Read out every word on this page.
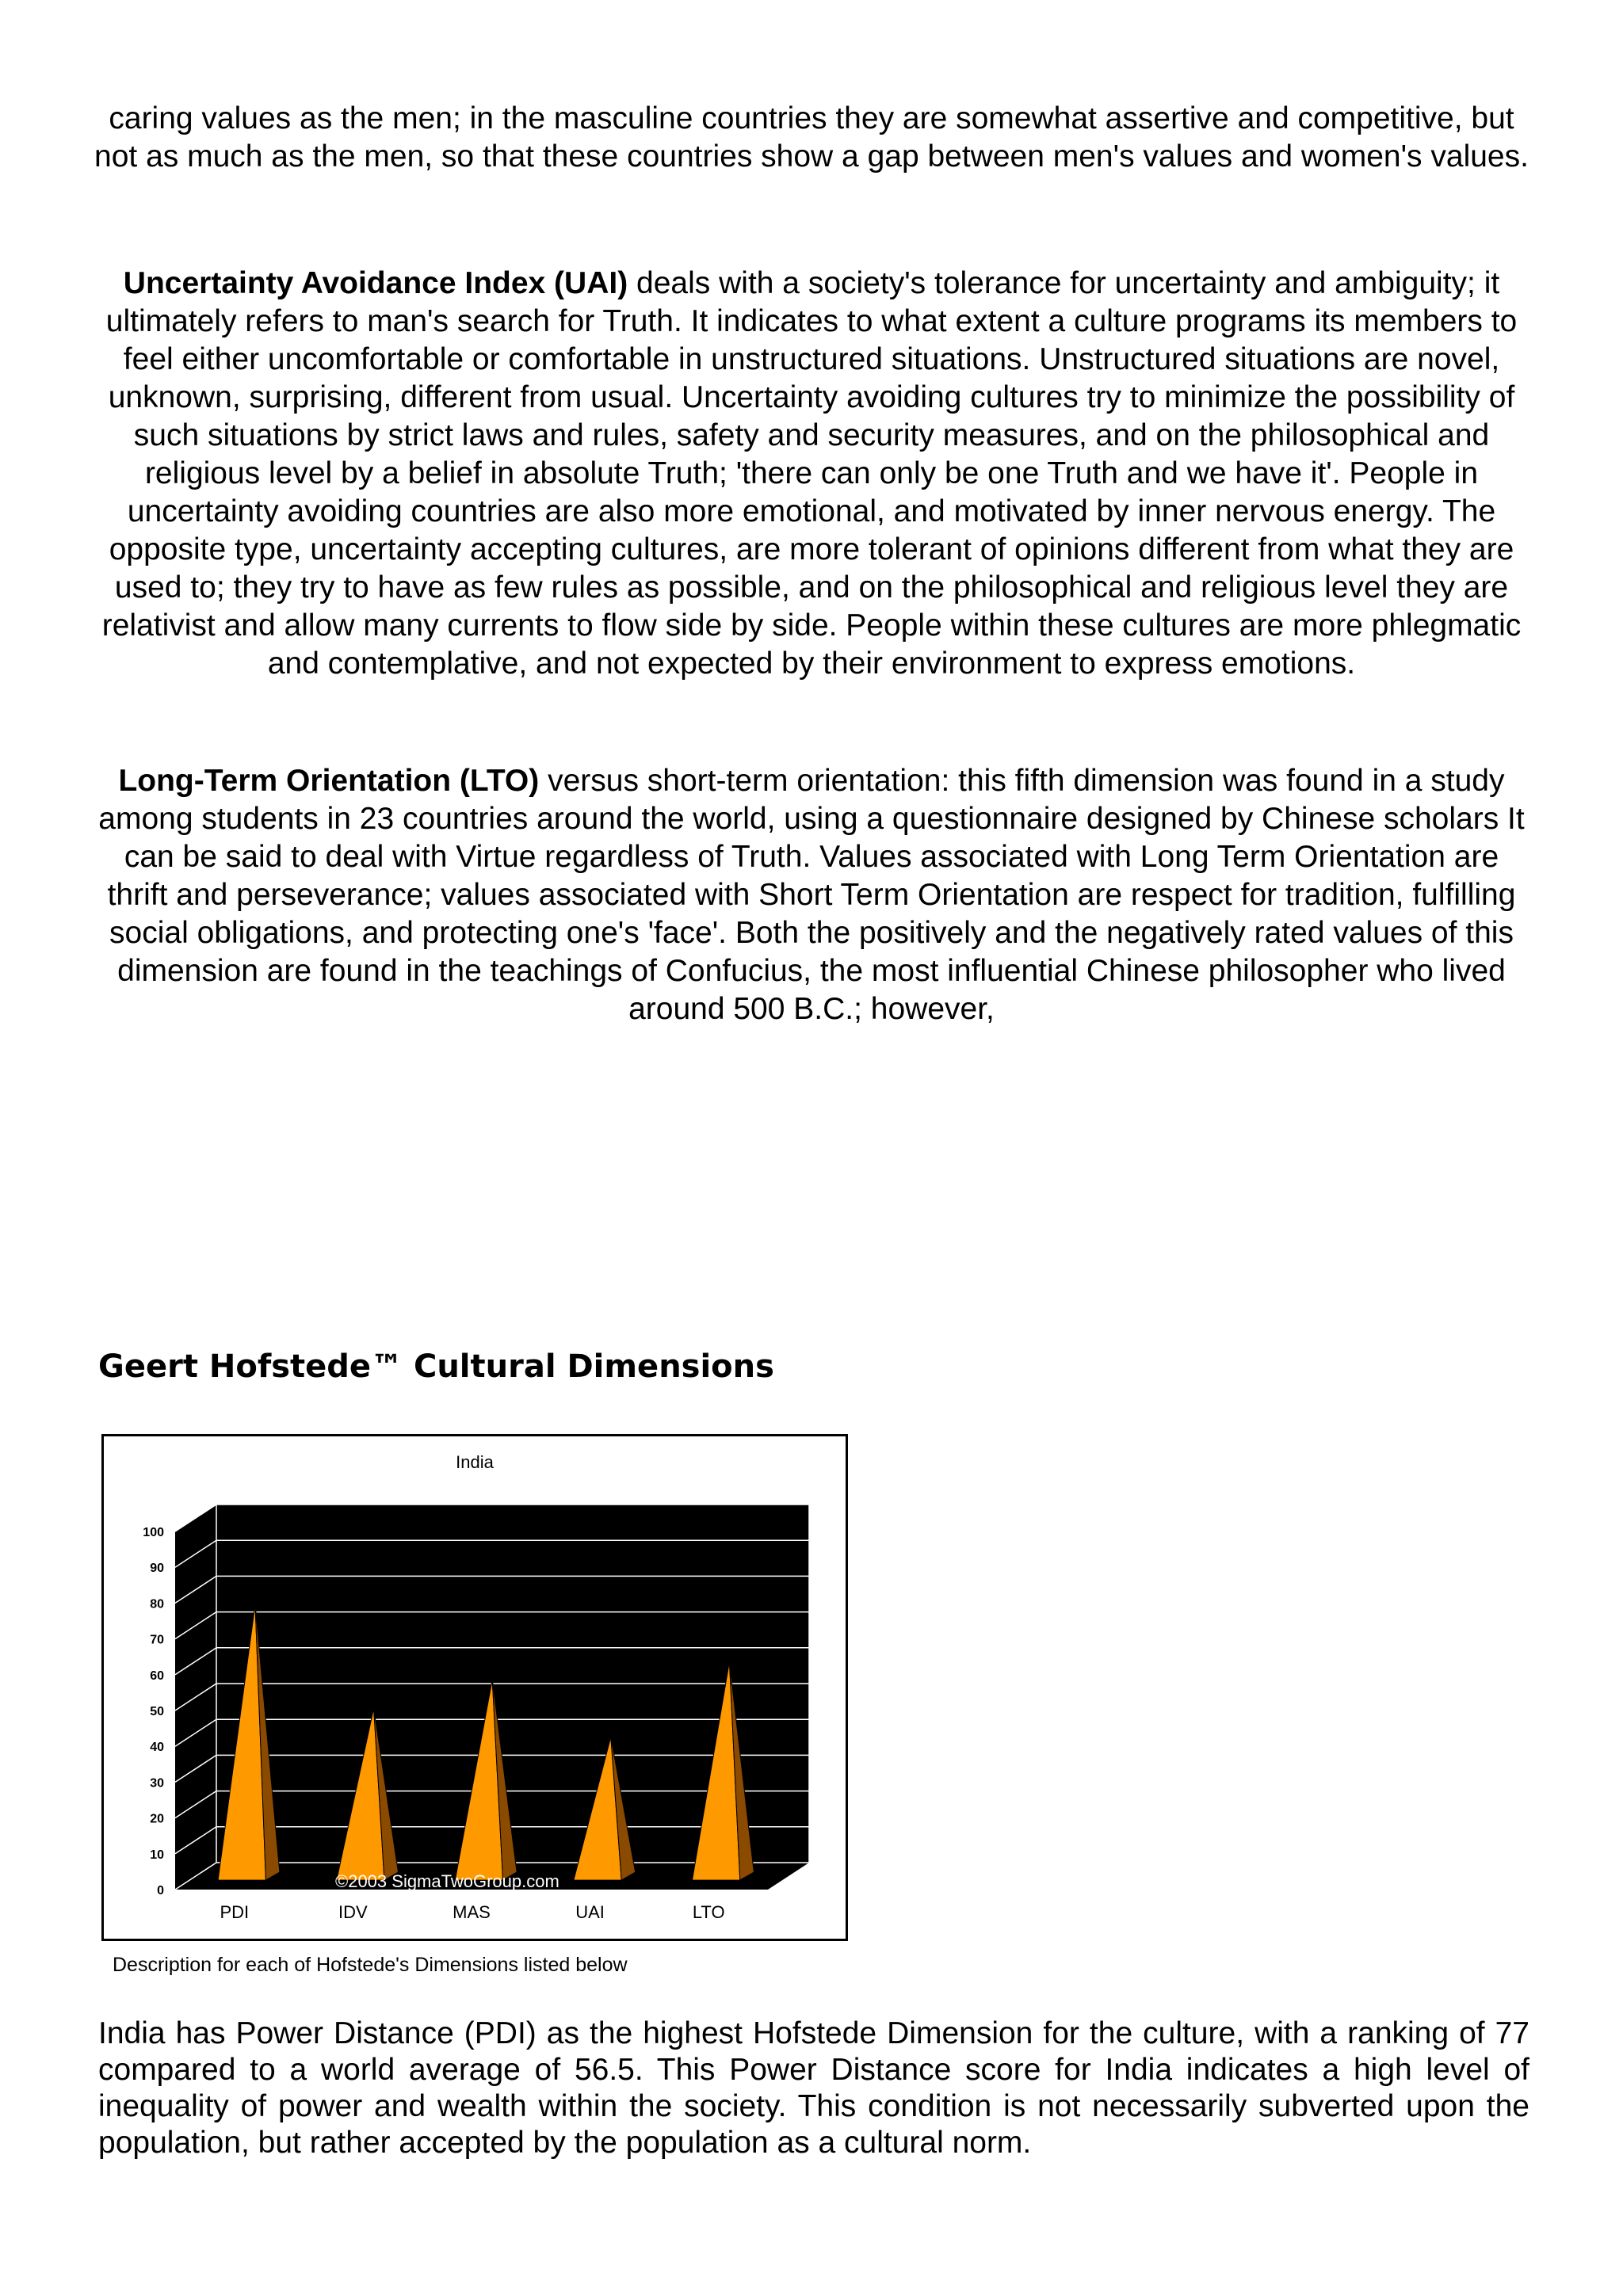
caring values as the men; in the masculine countries they are somewhat assertive and competitive, but not as much as the men, so that these countries show a gap between men's values and women's values.

Uncertainty Avoidance Index (UAI) deals with a society's tolerance for uncertainty and ambiguity; it ultimately refers to man's search for Truth. It indicates to what extent a culture programs its members to feel either uncomfortable or comfortable in unstructured situations. Unstructured situations are novel, unknown, surprising, different from usual. Uncertainty avoiding cultures try to minimize the possibility of such situations by strict laws and rules, safety and security measures, and on the philosophical and religious level by a belief in absolute Truth; 'there can only be one Truth and we have it'. People in uncertainty avoiding countries are also more emotional, and motivated by inner nervous energy. The opposite type, uncertainty accepting cultures, are more tolerant of opinions different from what they are used to; they try to have as few rules as possible, and on the philosophical and religious level they are relativist and allow many currents to flow side by side. People within these cultures are more phlegmatic and contemplative, and not expected by their environment to express emotions.

Long-Term Orientation (LTO) versus short-term orientation: this fifth dimension was found in a study among students in 23 countries around the world, using a questionnaire designed by Chinese scholars It can be said to deal with Virtue regardless of Truth. Values associated with Long Term Orientation are thrift and perseverance; values associated with Short Term Orientation are respect for tradition, fulfilling social obligations, and protecting one's 'face'. Both the positively and the negatively rated values of this dimension are found in the teachings of Confucius, the most influential Chinese philosopher who lived around 500 B.C.; however,

Geert Hofstede™ Cultural Dimensions
India
0
10
20
30
40
50
60
70
80
90
100
PDI	IDV	MAS	UAI	LTO
©2003 SigmaTwoGroup.com

Description for each of Hofstede's Dimensions listed below

India has Power Distance (PDI) as the highest Hofstede Dimension for the culture, with a ranking of 77 compared to a world average of 56.5. This Power Distance score for India indicates a high level of inequality of power and wealth within the society. This condition is not necessarily subverted upon the population, but rather accepted by the population as a cultural norm.
